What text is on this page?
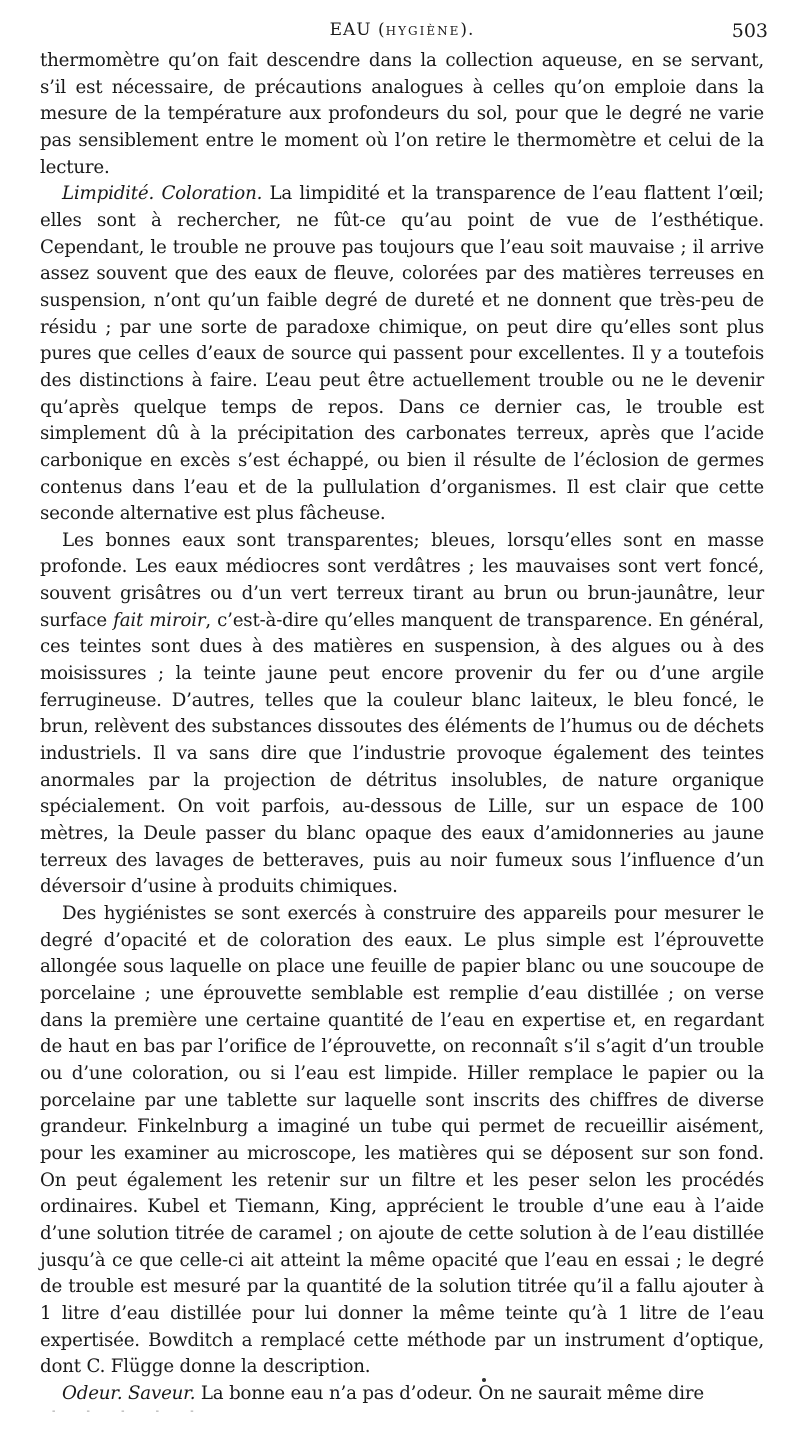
EAU (HYGIÈNE).	503

thermomètre qu’on fait descendre dans la collection aqueuse, en se servant, s’il est nécessaire, de précautions analogues à celles qu’on emploie dans la mesure de la température aux profondeurs du sol, pour que le degré ne varie pas sensiblement entre le moment où l’on retire le thermomètre et celui de la lecture.

Limpidité. Coloration. La limpidité et la transparence de l’eau flattent l’œil; elles sont à rechercher, ne fût-ce qu’au point de vue de l’esthétique. Cependant, le trouble ne prouve pas toujours que l’eau soit mauvaise ; il arrive assez souvent que des eaux de fleuve, colorées par des matières terreuses en suspension, n’ont qu’un faible degré de dureté et ne donnent que très-peu de résidu ; par une sorte de paradoxe chimique, on peut dire qu’elles sont plus pures que celles d’eaux de source qui passent pour excellentes. Il y a toutefois des distinctions à faire. L’eau peut être actuellement trouble ou ne le devenir qu’après quelque temps de repos. Dans ce dernier cas, le trouble est simplement dû à la précipitation des carbonates terreux, après que l’acide carbonique en excès s’est échappé, ou bien il résulte de l’éclosion de germes contenus dans l’eau et de la pullulation d’organismes. Il est clair que cette seconde alternative est plus fâcheuse.

Les bonnes eaux sont transparentes; bleues, lorsqu’elles sont en masse profonde. Les eaux médiocres sont verdâtres ; les mauvaises sont vert foncé, souvent grisâtres ou d’un vert terreux tirant au brun ou brun-jaunâtre, leur surface fait miroir, c’est-à-dire qu’elles manquent de transparence. En général, ces teintes sont dues à des matières en suspension, à des algues ou à des moisissures ; la teinte jaune peut encore provenir du fer ou d’une argile ferrugineuse. D’autres, telles que la couleur blanc laiteux, le bleu foncé, le brun, relèvent des substances dissoutes des éléments de l’humus ou de déchets industriels. Il va sans dire que l’industrie provoque également des teintes anormales par la projection de détritus insolubles, de nature organique spécialement. On voit parfois, au-dessous de Lille, sur un espace de 100 mètres, la Deule passer du blanc opaque des eaux d’amidonneries au jaune terreux des lavages de betteraves, puis au noir fumeux sous l’influence d’un déversoir d’usine à produits chimiques.

Des hygiénistes se sont exercés à construire des appareils pour mesurer le degré d’opacité et de coloration des eaux. Le plus simple est l’éprouvette allongée sous laquelle on place une feuille de papier blanc ou une soucoupe de porcelaine ; une éprouvette semblable est remplie d’eau distillée ; on verse dans la première une certaine quantité de l’eau en expertise et, en regardant de haut en bas par l’orifice de l’éprouvette, on reconnaît s’il s’agit d’un trouble ou d’une coloration, ou si l’eau est limpide. Hiller remplace le papier ou la porcelaine par une tablette sur laquelle sont inscrits des chiffres de diverse grandeur. Finkelnburg a imaginé un tube qui permet de recueillir aisément, pour les examiner au microscope, les matières qui se déposent sur son fond. On peut également les retenir sur un filtre et les peser selon les procédés ordinaires. Kubel et Tiemann, King, apprécient le trouble d’une eau à l’aide d’une solution titrée de caramel ; on ajoute de cette solution à de l’eau distillée jusqu’à ce que celle-ci ait atteint la même opacité que l’eau en essai ; le degré de trouble est mesuré par la quantité de la solution titrée qu’il a fallu ajouter à 1 litre d’eau distillée pour lui donner la même teinte qu’à 1 litre de l’eau expertisée. Bowditch a remplacé cette méthode par un instrument d’optique, dont C. Flügge donne la description.

Odeur. Saveur. La bonne eau n’a pas d’odeur. On ne saurait même dire

- - - - -
